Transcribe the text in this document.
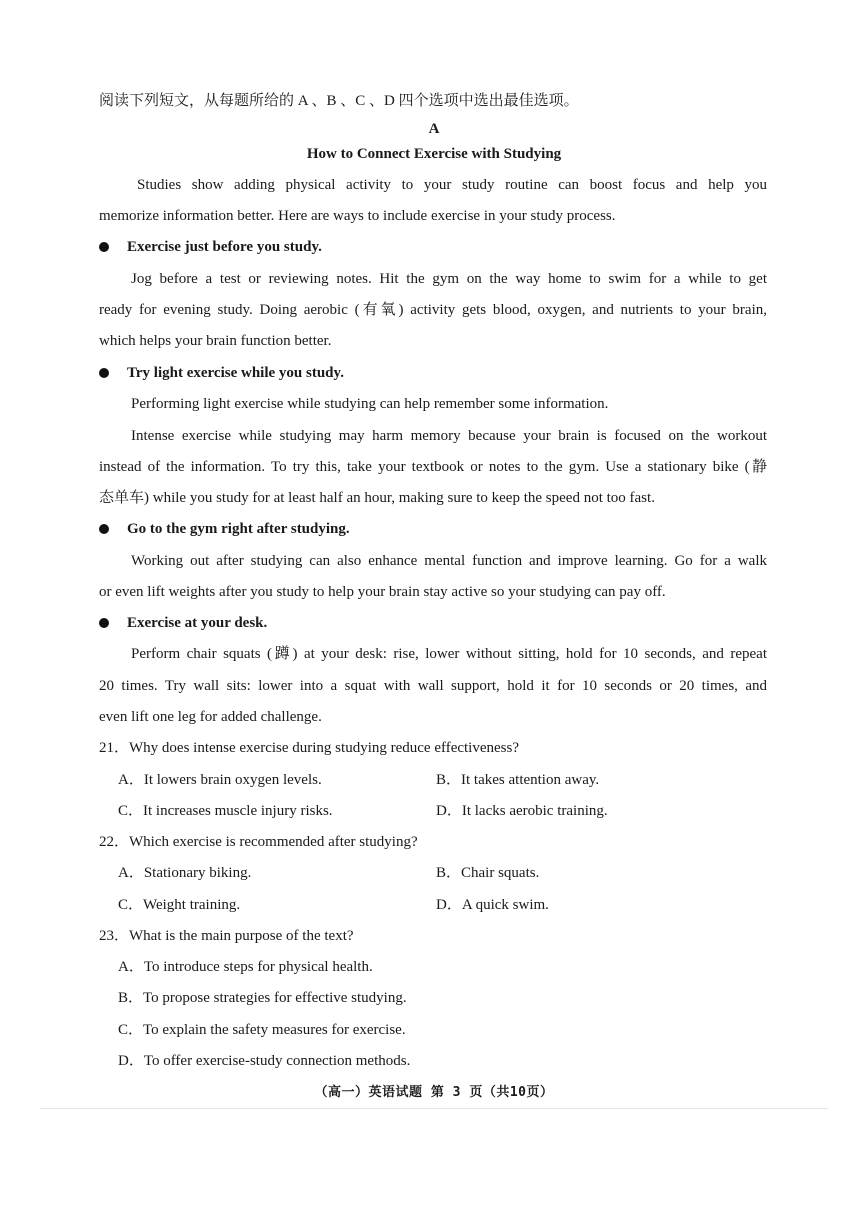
阅读下列短文，从每题所给的 A 、B 、C 、D 四个选项中选出最佳选项。
A
How to Connect Exercise with Studying
Studies show adding physical activity to your study routine can boost focus and help you
memorize information better. Here are ways to include exercise in your study process.
Exercise just before you study.
Jog before a test or reviewing notes. Hit the gym on the way home to swim for a while to get
ready for evening study. Doing aerobic (有氧) activity gets blood, oxygen, and nutrients to your brain,
which helps your brain function better.
Try light exercise while you study.
Performing light exercise while studying can help remember some information.
Intense exercise while studying may harm memory because your brain is focused on the workout
instead of the information. To try this, take your textbook or notes to the gym. Use a stationary bike (静
态单车) while you study for at least half an hour, making sure to keep the speed not too fast.
Go to the gym right after studying.
Working out after studying can also enhance mental function and improve learning. Go for a walk
or even lift weights after you study to help your brain stay active so your studying can pay off.
Exercise at your desk.
Perform chair squats (蹲) at your desk: rise, lower without sitting, hold for 10 seconds, and repeat
20 times. Try wall sits: lower into a squat with wall support, hold it for 10 seconds or 20 times, and
even lift one leg for added challenge.
21．Why does intense exercise during studying reduce effectiveness?
A．It lowers brain oxygen levels.	B．It takes attention away.
C．It increases muscle injury risks.	D．It lacks aerobic training.
22．Which exercise is recommended after studying?
A．Stationary biking.	B．Chair squats.
C．Weight training.	D．A quick swim.
23．What is the main purpose of the text?
A．To introduce steps for physical health.
B．To propose strategies for effective studying.
C．To explain the safety measures for exercise.
D．To offer exercise-study connection methods.
（高一）英语试题 第 3 页（共10页）
